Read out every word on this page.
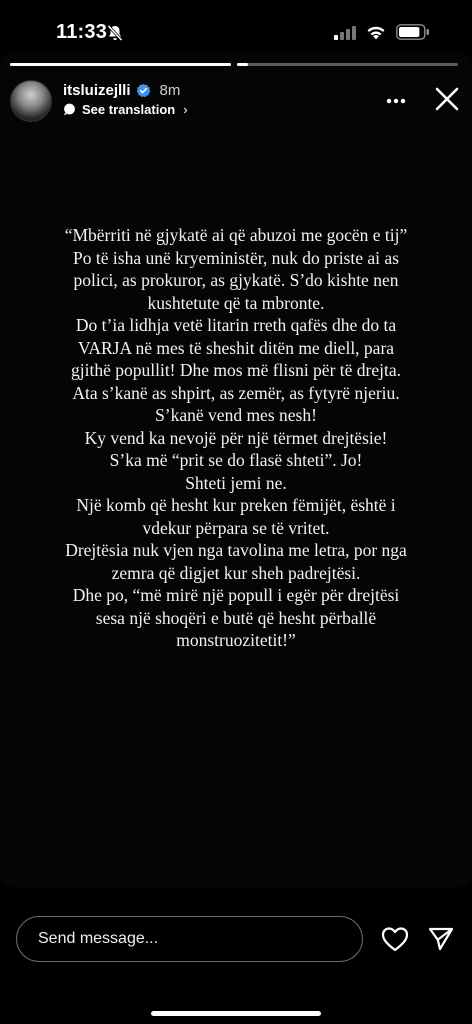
11:33
itsluizejlli 8m
See translation ›
“Mbërriti në gjykatë ai që abuzoi me gocën e tij”
Po të isha unë kryeministër, nuk do priste ai as
polici, as prokuror, as gjykatë. S’do kishte nen
kushtetute që ta mbronte.
Do t’ia lidhja vetë litarin rreth qafës dhe do ta
VARJA në mes të sheshit ditën me diell, para
gjithë popullit! Dhe mos më flisni për të drejta.
Ata s’kanë as shpirt, as zemër, as fytyrë njeriu.
S’kanë vend mes nesh!
Ky vend ka nevojë për një tërmet drejtësie!
S’ka më “prit se do flasë shteti”. Jo!
Shteti jemi ne.
Një komb që hesht kur preken fëmijët, është i
vdekur përpara se të vritet.
Drejtësia nuk vjen nga tavolina me letra, por nga
zemra që digjet kur sheh padrejtësi.
Dhe po, “më mirë një popull i egër për drejtësi
sesa një shoqëri e butë që hesht përballë
monstruozitetit!”
Send message...
